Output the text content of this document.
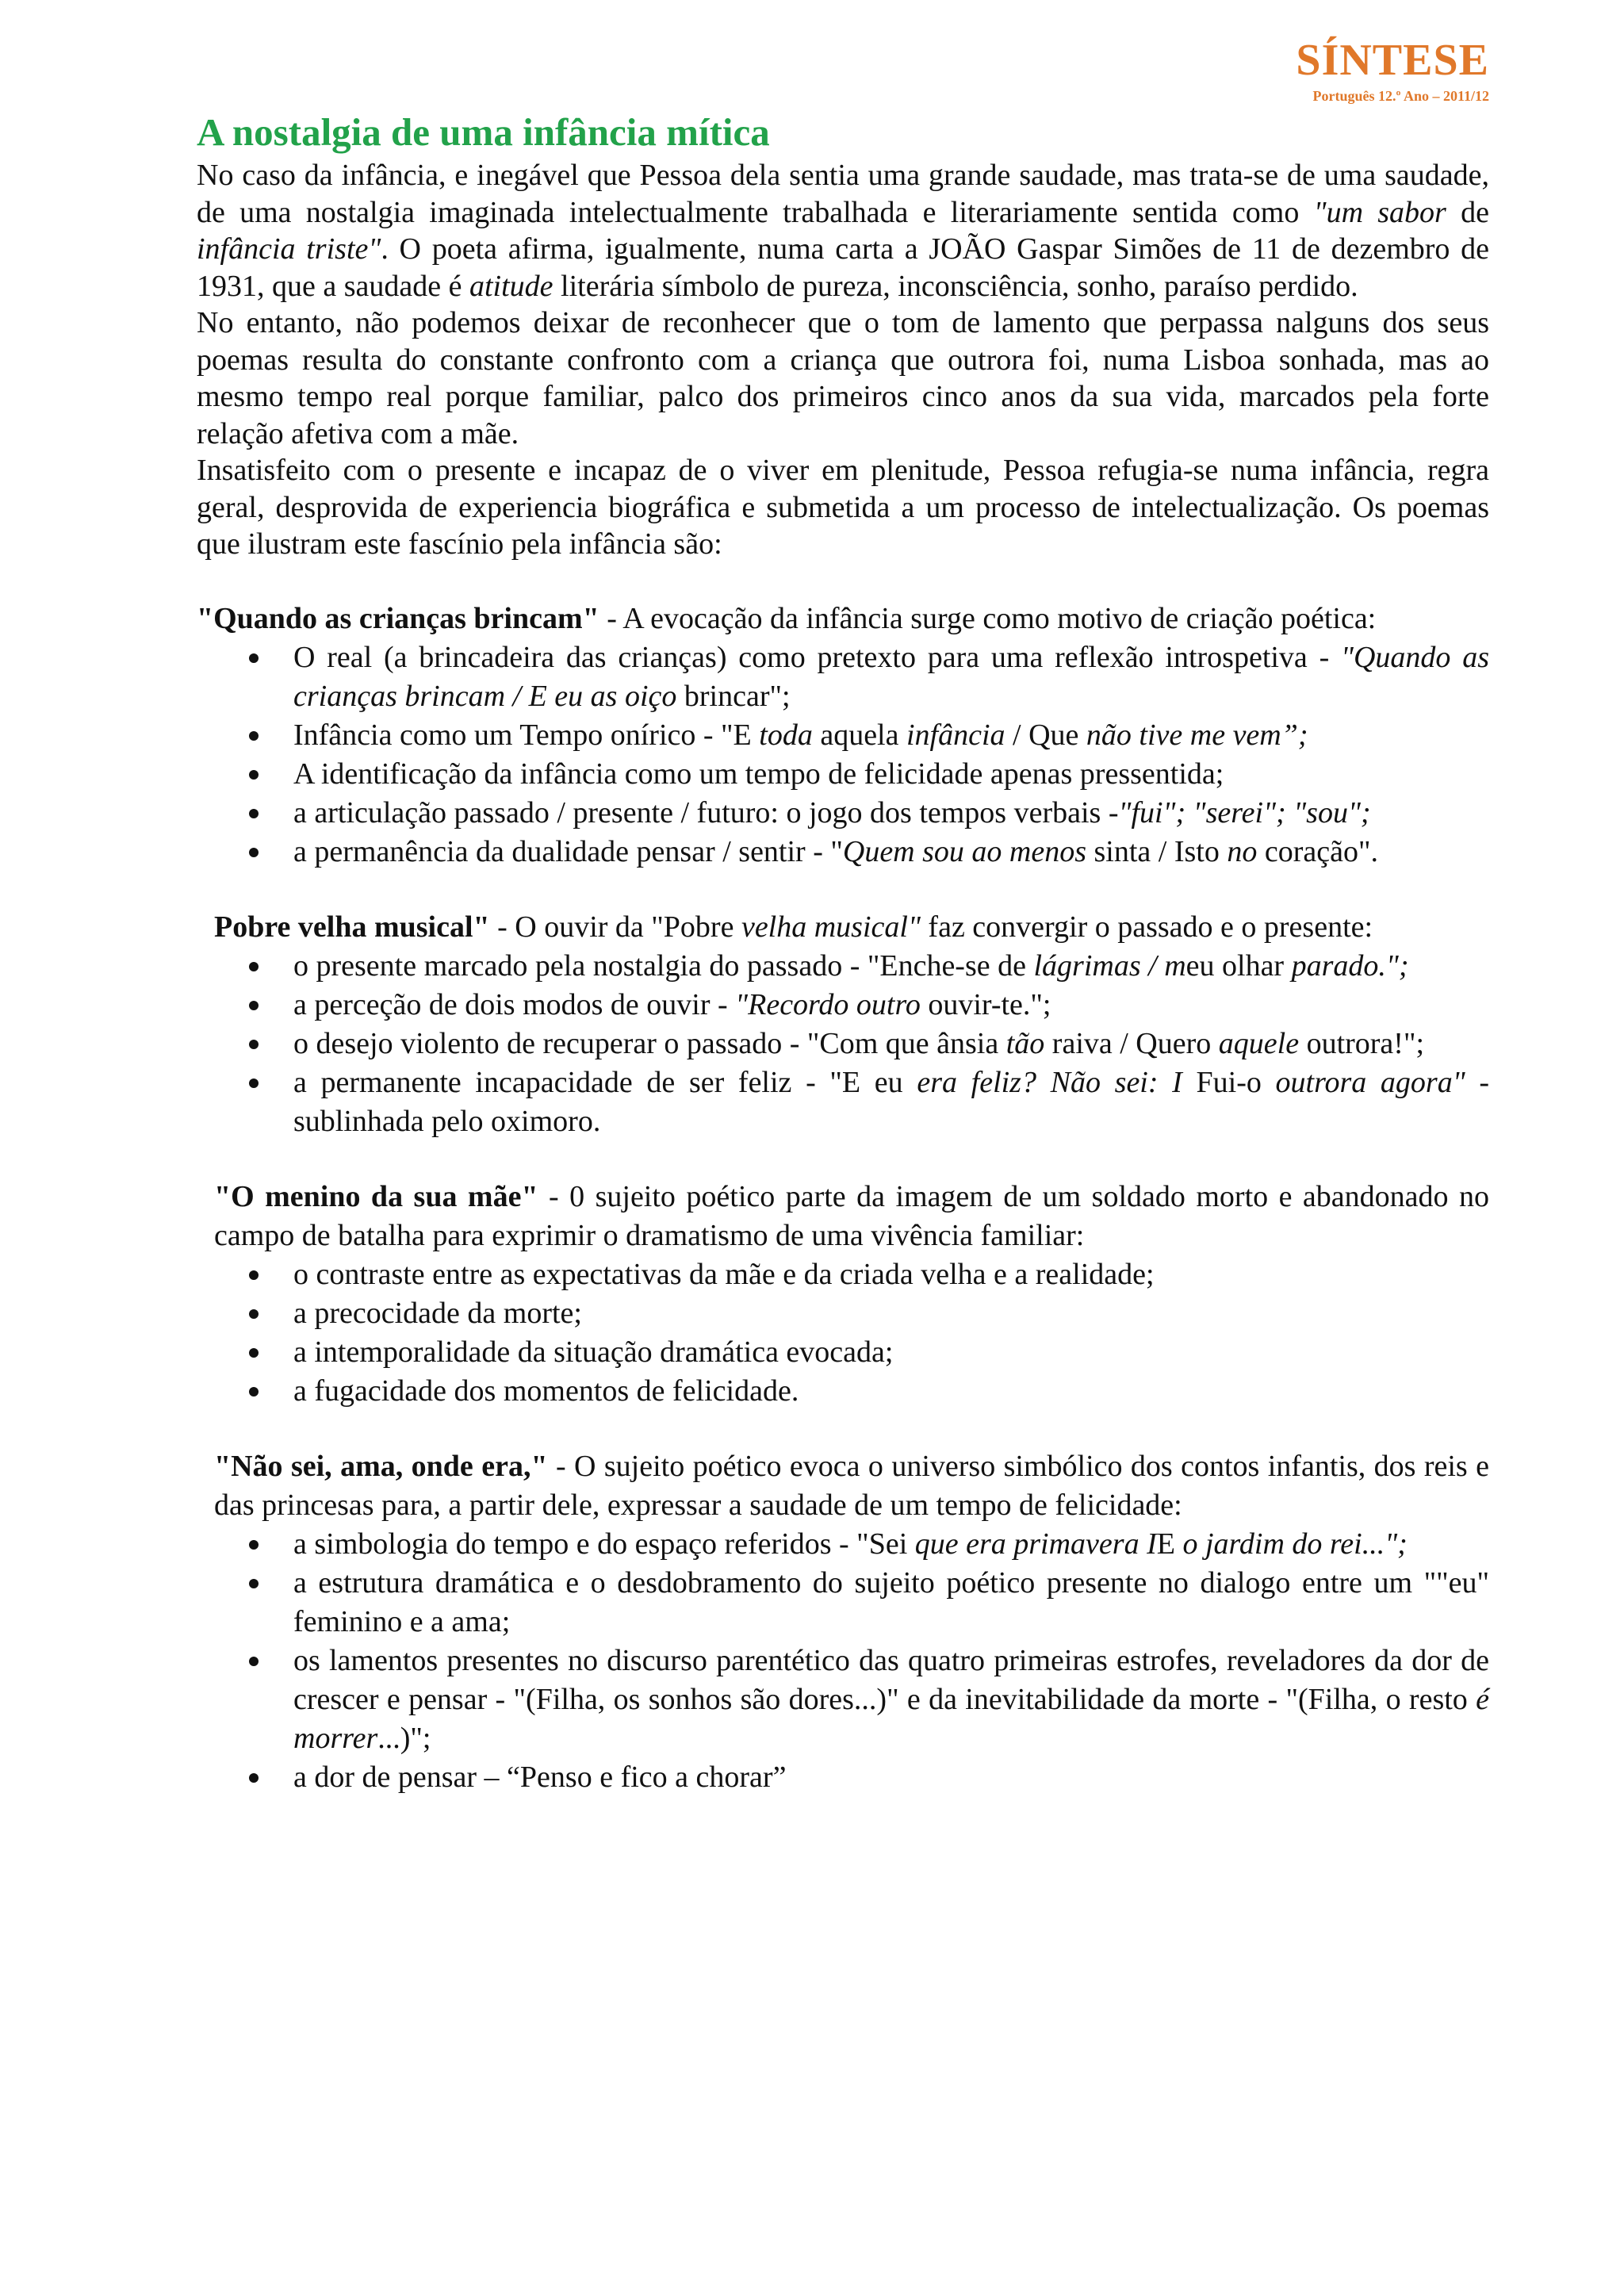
SÍNTESE
Português 12.º Ano – 2011/12
A nostalgia de uma infância mítica

No caso da infância, e inegável que Pessoa dela sentia uma grande saudade, mas trata-se de uma saudade, de uma nostalgia imaginada intelectualmente trabalhada e literariamente sentida como "um sabor de infância triste". O poeta afirma, igualmente, numa carta a JOÃO Gaspar Simões de 11 de dezembro de 1931, que a saudade é atitude literária símbolo de pureza, inconsciência, sonho, paraíso perdido.

No entanto, não podemos deixar de reconhecer que o tom de lamento que perpassa nalguns dos seus poemas resulta do constante confronto com a criança que outrora foi, numa Lisboa sonhada, mas ao mesmo tempo real porque familiar, palco dos primeiros cinco anos da sua vida, marcados pela forte relação afetiva com a mãe.

Insatisfeito com o presente e incapaz de o viver em plenitude, Pessoa refugia-se numa infância, regra geral, desprovida de experiencia biográfica e submetida a um processo de intelectualização. Os poemas que ilustram este fascínio pela infância são:

"Quando as crianças brincam" - A evocação da infância surge como motivo de criação poética:
O real (a brincadeira das crianças) como pretexto para uma reflexão introspetiva - "Quando as crianças brincam / E eu as oiço brincar";
Infância como um Tempo onírico - "E toda aquela infância / Que não tive me vem”;
A identificação da infância como um tempo de felicidade apenas pressentida;
a articulação passado / presente / futuro: o jogo dos tempos verbais -"fui"; "serei"; "sou";
a permanência da dualidade pensar / sentir - "Quem sou ao menos sinta / Isto no coração".
Pobre velha musical" - O ouvir da "Pobre velha musical" faz convergir o passado e o presente:
o presente marcado pela nostalgia do passado - "Enche-se de lágrimas / meu olhar parado.";
a perceção de dois modos de ouvir - "Recordo outro ouvir-te.";
o desejo violento de recuperar o passado - "Com que ânsia tão raiva / Quero aquele outrora!";
a permanente incapacidade de ser feliz - "E eu era feliz? Não sei: I Fui-o outrora agora" - sublinhada pelo oximoro.
"O menino da sua mãe" - 0 sujeito poético parte da imagem de um soldado morto e abandonado no campo de batalha para exprimir o dramatismo de uma vivência familiar:
o contraste entre as expectativas da mãe e da criada velha e a realidade;
a precocidade da morte;
a intemporalidade da situação dramática evocada;
a fugacidade dos momentos de felicidade.
"Não sei, ama, onde era," - O sujeito poético evoca o universo simbólico dos contos infantis, dos reis e das princesas para, a partir dele, expressar a saudade de um tempo de felicidade:
a simbologia do tempo e do espaço referidos - "Sei que era primavera IE o jardim do rei...";
a estrutura dramática e o desdobramento do sujeito poético presente no dialogo entre um ""eu" feminino e a ama;
os lamentos presentes no discurso parentético das quatro primeiras estrofes, reveladores da dor de crescer e pensar - "(Filha, os sonhos são dores...)" e da inevitabilidade da morte - "(Filha, o resto é morrer...)";
a dor de pensar – “Penso e fico a chorar”
